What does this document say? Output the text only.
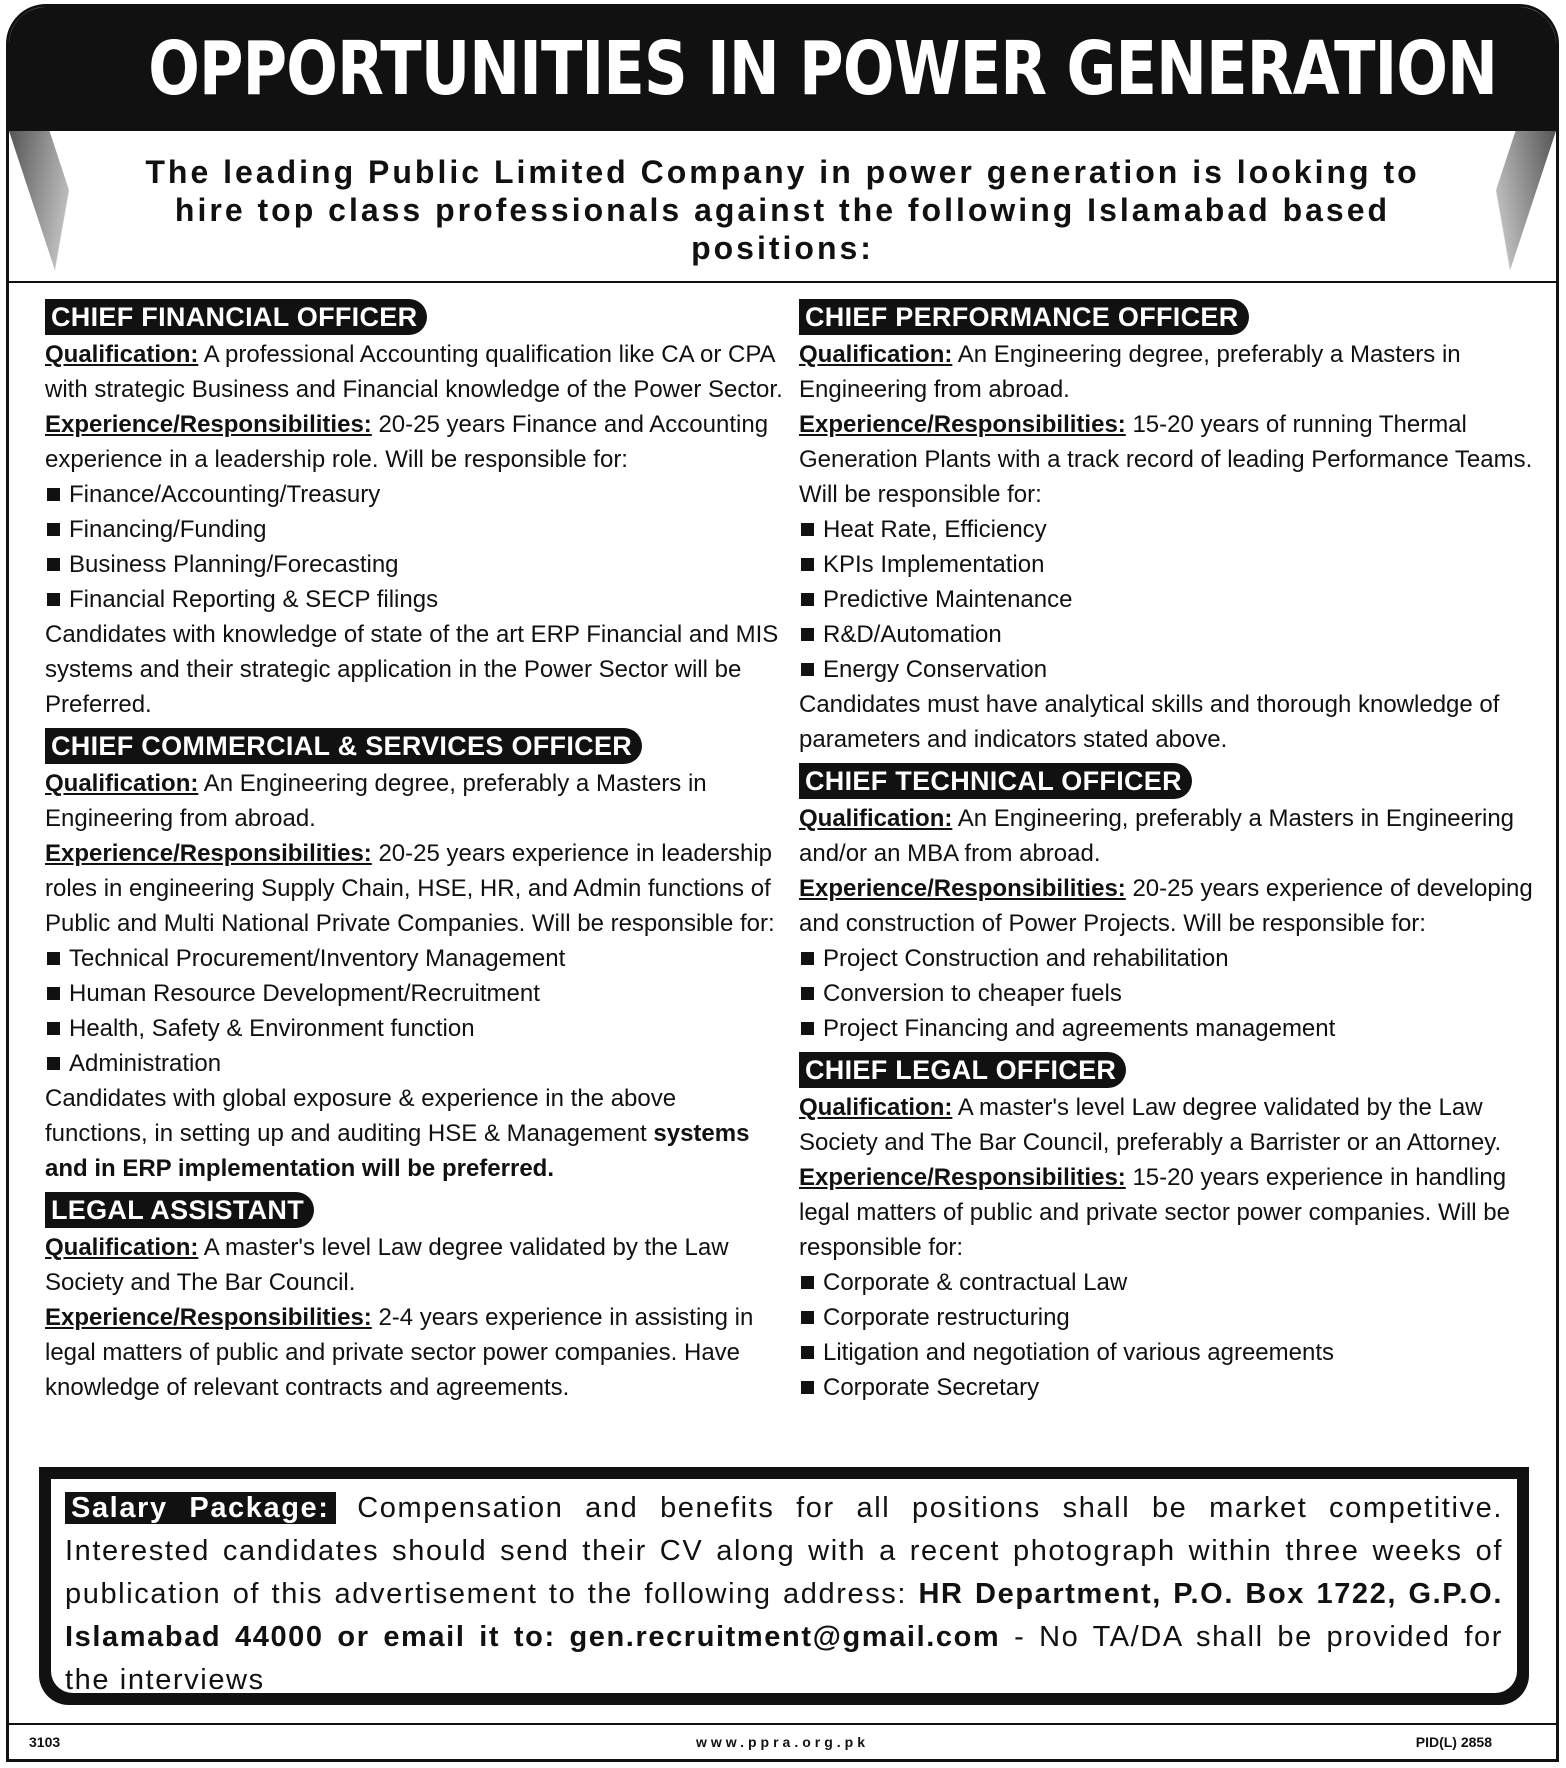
OPPORTUNITIES IN POWER GENERATION

The leading Public Limited Company in power generation is looking to hire top class professionals against the following Islamabad based positions:

CHIEF FINANCIAL OFFICER
Qualification: A professional Accounting qualification like CA or CPA with strategic Business and Financial knowledge of the Power Sector.
Experience/Responsibilities: 20-25 years Finance and Accounting experience in a leadership role. Will be responsible for:
Finance/Accounting/Treasury
Financing/Funding
Business Planning/Forecasting
Financial Reporting & SECP filings
Candidates with knowledge of state of the art ERP Financial and MIS systems and their strategic application in the Power Sector will be Preferred.
CHIEF COMMERCIAL & SERVICES OFFICER
Qualification: An Engineering degree, preferably a Masters in Engineering from abroad.
Experience/Responsibilities: 20-25 years experience in leadership roles in engineering Supply Chain, HSE, HR, and Admin functions of Public and Multi National Private Companies. Will be responsible for:
Technical Procurement/Inventory Management
Human Resource Development/Recruitment
Health, Safety & Environment function
Administration
Candidates with global exposure & experience in the above functions, in setting up and auditing HSE & Management systems and in ERP implementation will be preferred.
LEGAL ASSISTANT
Qualification: A master's level Law degree validated by the Law Society and The Bar Council.
Experience/Responsibilities: 2-4 years experience in assisting in legal matters of public and private sector power companies. Have knowledge of relevant contracts and agreements.
CHIEF PERFORMANCE OFFICER
Qualification: An Engineering degree, preferably a Masters in Engineering from abroad.
Experience/Responsibilities: 15-20 years of running Thermal Generation Plants with a track record of leading Performance Teams. Will be responsible for:
Heat Rate, Efficiency
KPIs Implementation
Predictive Maintenance
R&D/Automation
Energy Conservation
Candidates must have analytical skills and thorough knowledge of parameters and indicators stated above.
CHIEF TECHNICAL OFFICER
Qualification: An Engineering, preferably a Masters in Engineering and/or an MBA from abroad.
Experience/Responsibilities: 20-25 years experience of developing and construction of Power Projects. Will be responsible for:
Project Construction and rehabilitation
Conversion to cheaper fuels
Project Financing and agreements management
CHIEF LEGAL OFFICER
Qualification: A master's level Law degree validated by the Law Society and The Bar Council, preferably a Barrister or an Attorney.
Experience/Responsibilities: 15-20 years experience in handling legal matters of public and private sector power companies. Will be responsible for:
Corporate & contractual Law
Corporate restructuring
Litigation and negotiation of various agreements
Corporate Secretary
Salary Package: Compensation and benefits for all positions shall be market competitive. Interested candidates should send their CV along with a recent photograph within three weeks of publication of this advertisement to the following address: HR Department, P.O. Box 1722, G.P.O. Islamabad 44000 or email it to: gen.recruitment@gmail.com - No TA/DA shall be provided for the interviews
3103	www.ppra.org.pk	PID(L) 2858
